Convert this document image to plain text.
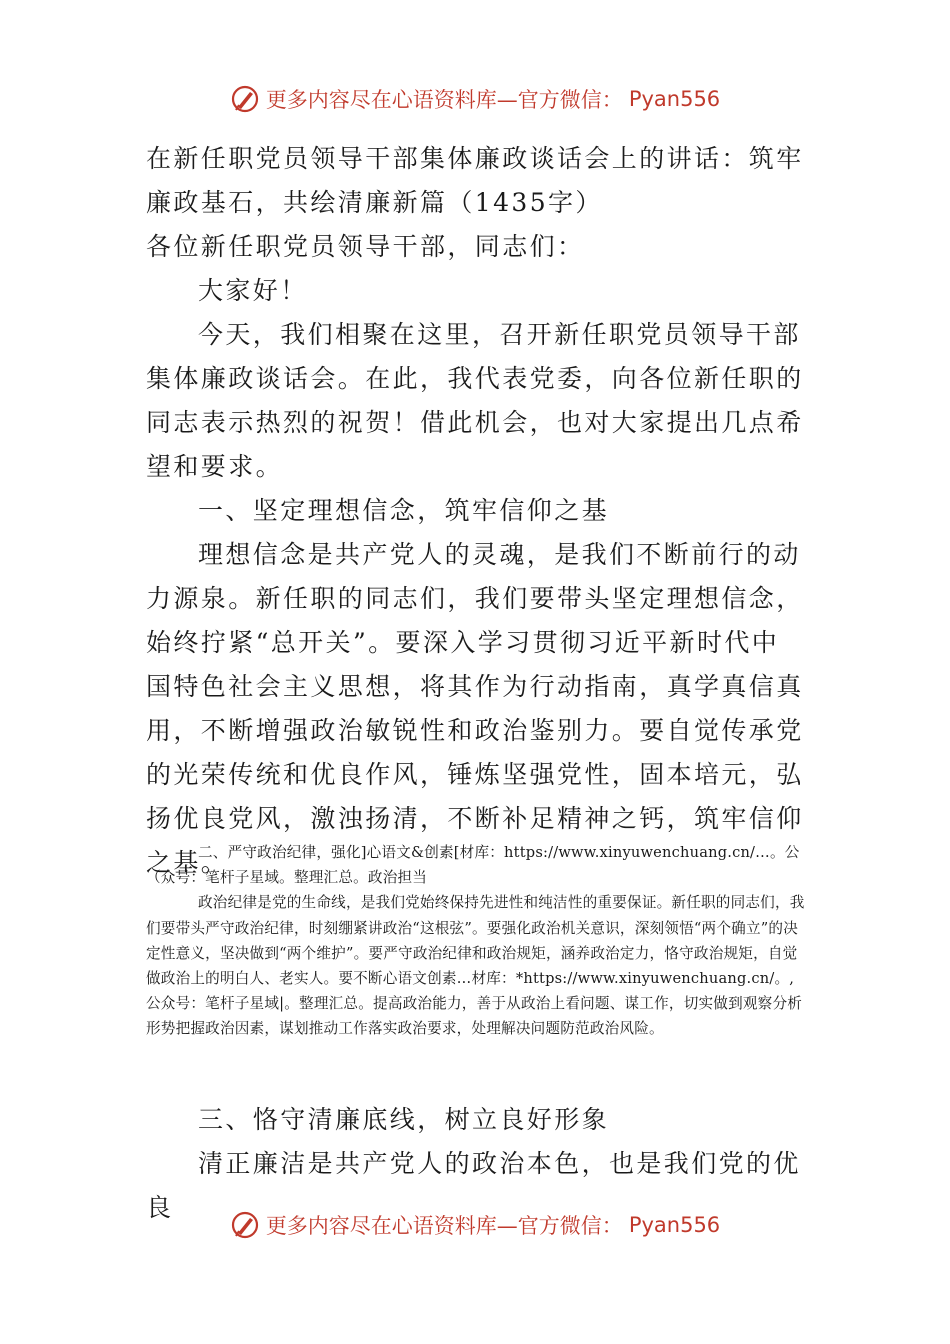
更多内容尽在心语资料库—官方微信： Pyan556

在新任职党员领导干部集体廉政谈话会上的讲话：筑牢廉政基石，共绘清廉新篇（1435字）

各位新任职党员领导干部，同志们：

大家好！

今天，我们相聚在这里，召开新任职党员领导干部集体廉政谈话会。在此，我代表党委，向各位新任职的同志表示热烈的祝贺！借此机会，也对大家提出几点希望和要求。

一、坚定理想信念，筑牢信仰之基

理想信念是共产党人的灵魂，是我们不断前行的动力源泉。新任职的同志们，我们要带头坚定理想信念，始终拧紧“总开关”。要深入学习贯彻习近平新时代中国特色社会主义思想，将其作为行动指南，真学真信真用，不断增强政治敏锐性和政治鉴别力。要自觉传承党的光荣传统和优良作风，锤炼坚强党性，固本培元，弘扬优良党风，激浊扬清，不断补足精神之钙，筑牢信仰之基。

二、严守政治纪律，强化]心语文&创素[材库：https://www.xinyuwenchuang.cn/…。公（众号：笔杆子星域。整理汇总。政治担当

政治纪律是党的生命线，是我们党始终保持先进性和纯洁性的重要保证。新任职的同志们，我们要带头严守政治纪律，时刻绷紧讲政治“这根弦”。要强化政治机关意识，深刻领悟“两个确立”的决定性意义，坚决做到“两个维护”。要严守政治纪律和政治规矩，涵养政治定力，恪守政治规矩，自觉做政治上的明白人、老实人。要不断心语文创素…材库：*https://www.xinyuwenchuang.cn/。,公众号：笔杆子星域|。整理汇总。提高政治能力，善于从政治上看问题、谋工作，切实做到观察分析形势把握政治因素，谋划推动工作落实政治要求，处理解决问题防范政治风险。

三、恪守清廉底线，树立良好形象

清正廉洁是共产党人的政治本色，也是我们党的优良

更多内容尽在心语资料库—官方微信： Pyan556
